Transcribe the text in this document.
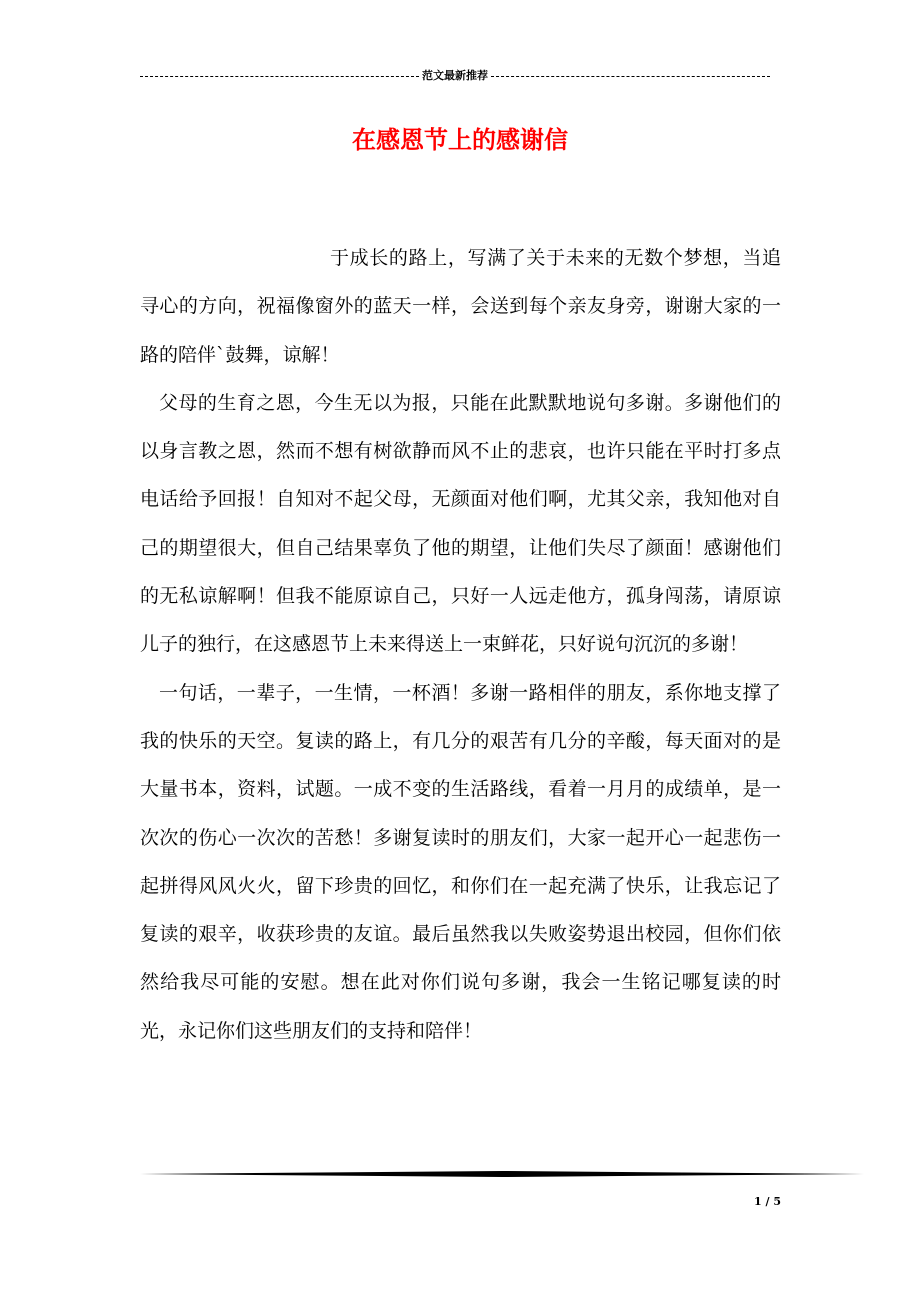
范文最新推荐
在感恩节上的感谢信

于成长的路上，写满了关于未来的无数个梦想，当追寻心的方向，祝福像窗外的蓝天一样，会送到每个亲友身旁，谢谢大家的一路的陪伴`鼓舞，谅解！

父母的生育之恩，今生无以为报，只能在此默默地说句多谢。多谢他们的以身言教之恩，然而不想有树欲静而风不止的悲哀，也许只能在平时打多点电话给予回报！自知对不起父母，无颜面对他们啊，尤其父亲，我知他对自己的期望很大，但自己结果辜负了他的期望，让他们失尽了颜面！感谢他们的无私谅解啊！但我不能原谅自己，只好一人远走他方，孤身闯荡，请原谅儿子的独行，在这感恩节上未来得送上一束鲜花，只好说句沉沉的多谢！

一句话，一辈子，一生情，一杯酒！多谢一路相伴的朋友，系你地支撑了我的快乐的天空。复读的路上，有几分的艰苦有几分的辛酸，每天面对的是大量书本，资料，试题。一成不变的生活路线，看着一月月的成绩单，是一次次的伤心一次次的苦愁！多谢复读时的朋友们，大家一起开心一起悲伤一起拼得风风火火，留下珍贵的回忆，和你们在一起充满了快乐，让我忘记了复读的艰辛，收获珍贵的友谊。最后虽然我以失败姿势退出校园，但你们依然给我尽可能的安慰。想在此对你们说句多谢，我会一生铭记哪复读的时光，永记你们这些朋友们的支持和陪伴！

1 / 5
